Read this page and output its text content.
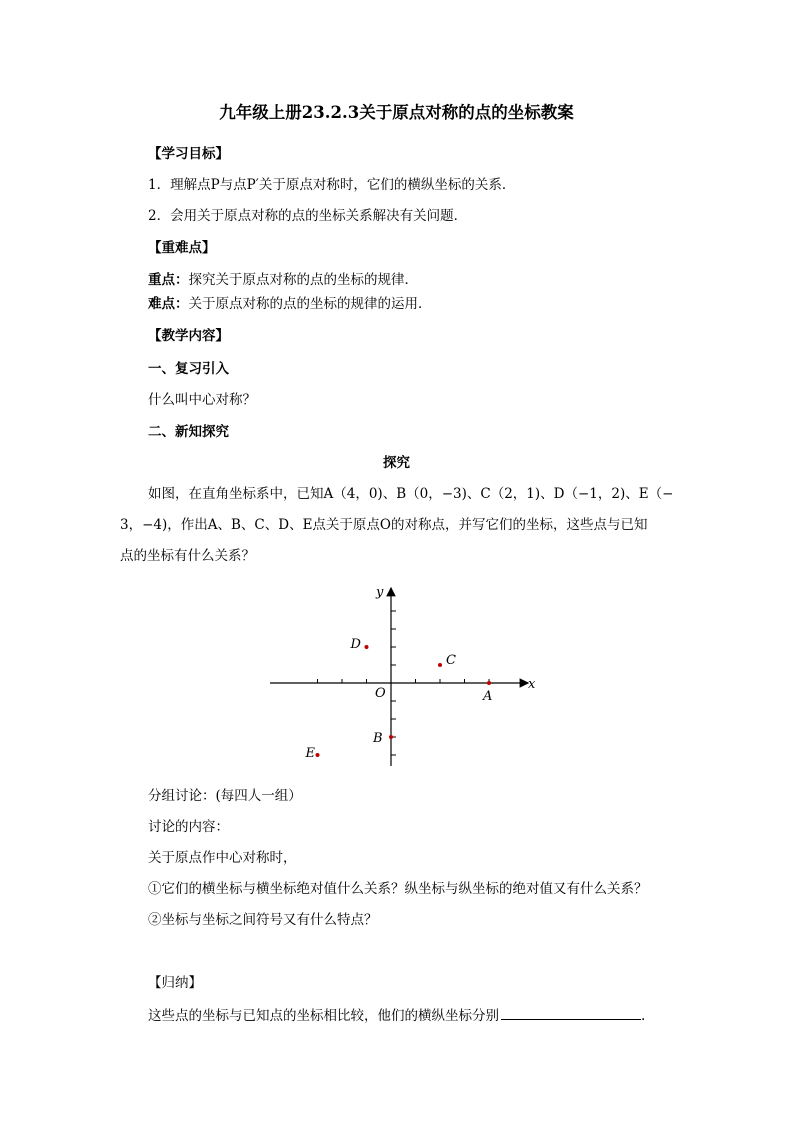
九年级上册23.2.3关于原点对称的点的坐标教案
【学习目标】
1．理解点P与点P′关于原点对称时，它们的横纵坐标的关系．
2．会用关于原点对称的点的坐标关系解决有关问题．
【重难点】
重点：探究关于原点对称的点的坐标的规律．
难点：关于原点对称的点的坐标的规律的运用．
【教学内容】
一、复习引入
什么叫中心对称？
二、新知探究
探究
如图，在直角坐标系中，已知A（4，0)、B（0，−3)、C（2，1)、D（−1，2)、E（−
3，−4)，作出A、B、C、D、E点关于原点O的对称点，并写它们的坐标，这些点与已知
点的坐标有什么关系？
x
y
O	A
B
C
D
E
分组讨论：(每四人一组）
讨论的内容：
关于原点作中心对称时，
①它们的横坐标与横坐标绝对值什么关系？纵坐标与纵坐标的绝对值又有什么关系？
②坐标与坐标之间符号又有什么特点？
【归纳】
这些点的坐标与已知点的坐标相比较，他们的横纵坐标分别	.
